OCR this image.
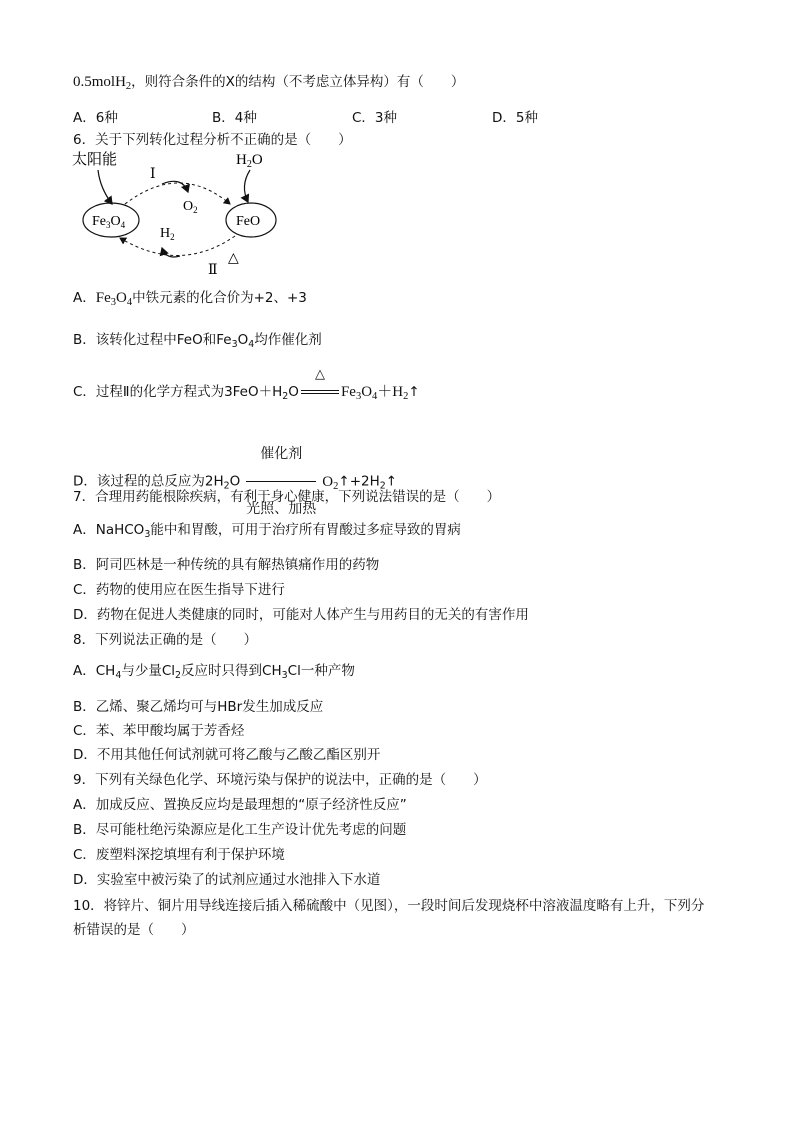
0.5molH$_2$，则符合条件的X的结构（不考虑立体异构）有（　　）
A．6种	B．4种	C．3种	D．5种
6．关于下列转化过程分析不正确的是（　　）
太阳能	$H_2O$
$Fe_3O_4$	FeO
Ⅰ
$O_2$
$H_2$
Ⅱ
△
A．$Fe_3O_4$中铁元素的化合价为+2、+3
B．该转化过程中FeO和$Fe_3O_4$均作催化剂
C．过程Ⅱ的化学方程式为$3FeO+H_2O$
△
$Fe_3O_4+H_2↑$
D．该过程的总反应为$2H_2O \frac{\text{催化剂}}{\text{光照、加热}}$ $O_2↑+2H_2↑$
7．合理用药能根除疾病，有利于身心健康，下列说法错误的是（　　）
A．NaHCO$_3$能中和胃酸，可用于治疗所有胃酸过多症导致的胃病
B．阿司匹林是一种传统的具有解热镇痛作用的药物
C．药物的使用应在医生指导下进行
D．药物在促进人类健康的同时，可能对人体产生与用药目的无关的有害作用
8．下列说法正确的是（　　）
A．$CH_4$与少量$Cl_2$反应时只得到$CH_3Cl$一种产物
B．乙烯、聚乙烯均可与HBr发生加成反应
C．苯、苯甲酸均属于芳香烃
D．不用其他任何试剂就可将乙酸与乙酸乙酯区别开
9．下列有关绿色化学、环境污染与保护的说法中，正确的是（　　）
A．加成反应、置换反应均是最理想的“原子经济性反应”
B．尽可能杜绝污染源应是化工生产设计优先考虑的问题
C．废塑料深挖填埋有利于保护环境
D．实验室中被污染了的试剂应通过水池排入下水道
10．将锌片、铜片用导线连接后插入稀硫酸中（见图），一段时间后发现烧杯中溶液温度略有上升，下列分
析错误的是（　　）
